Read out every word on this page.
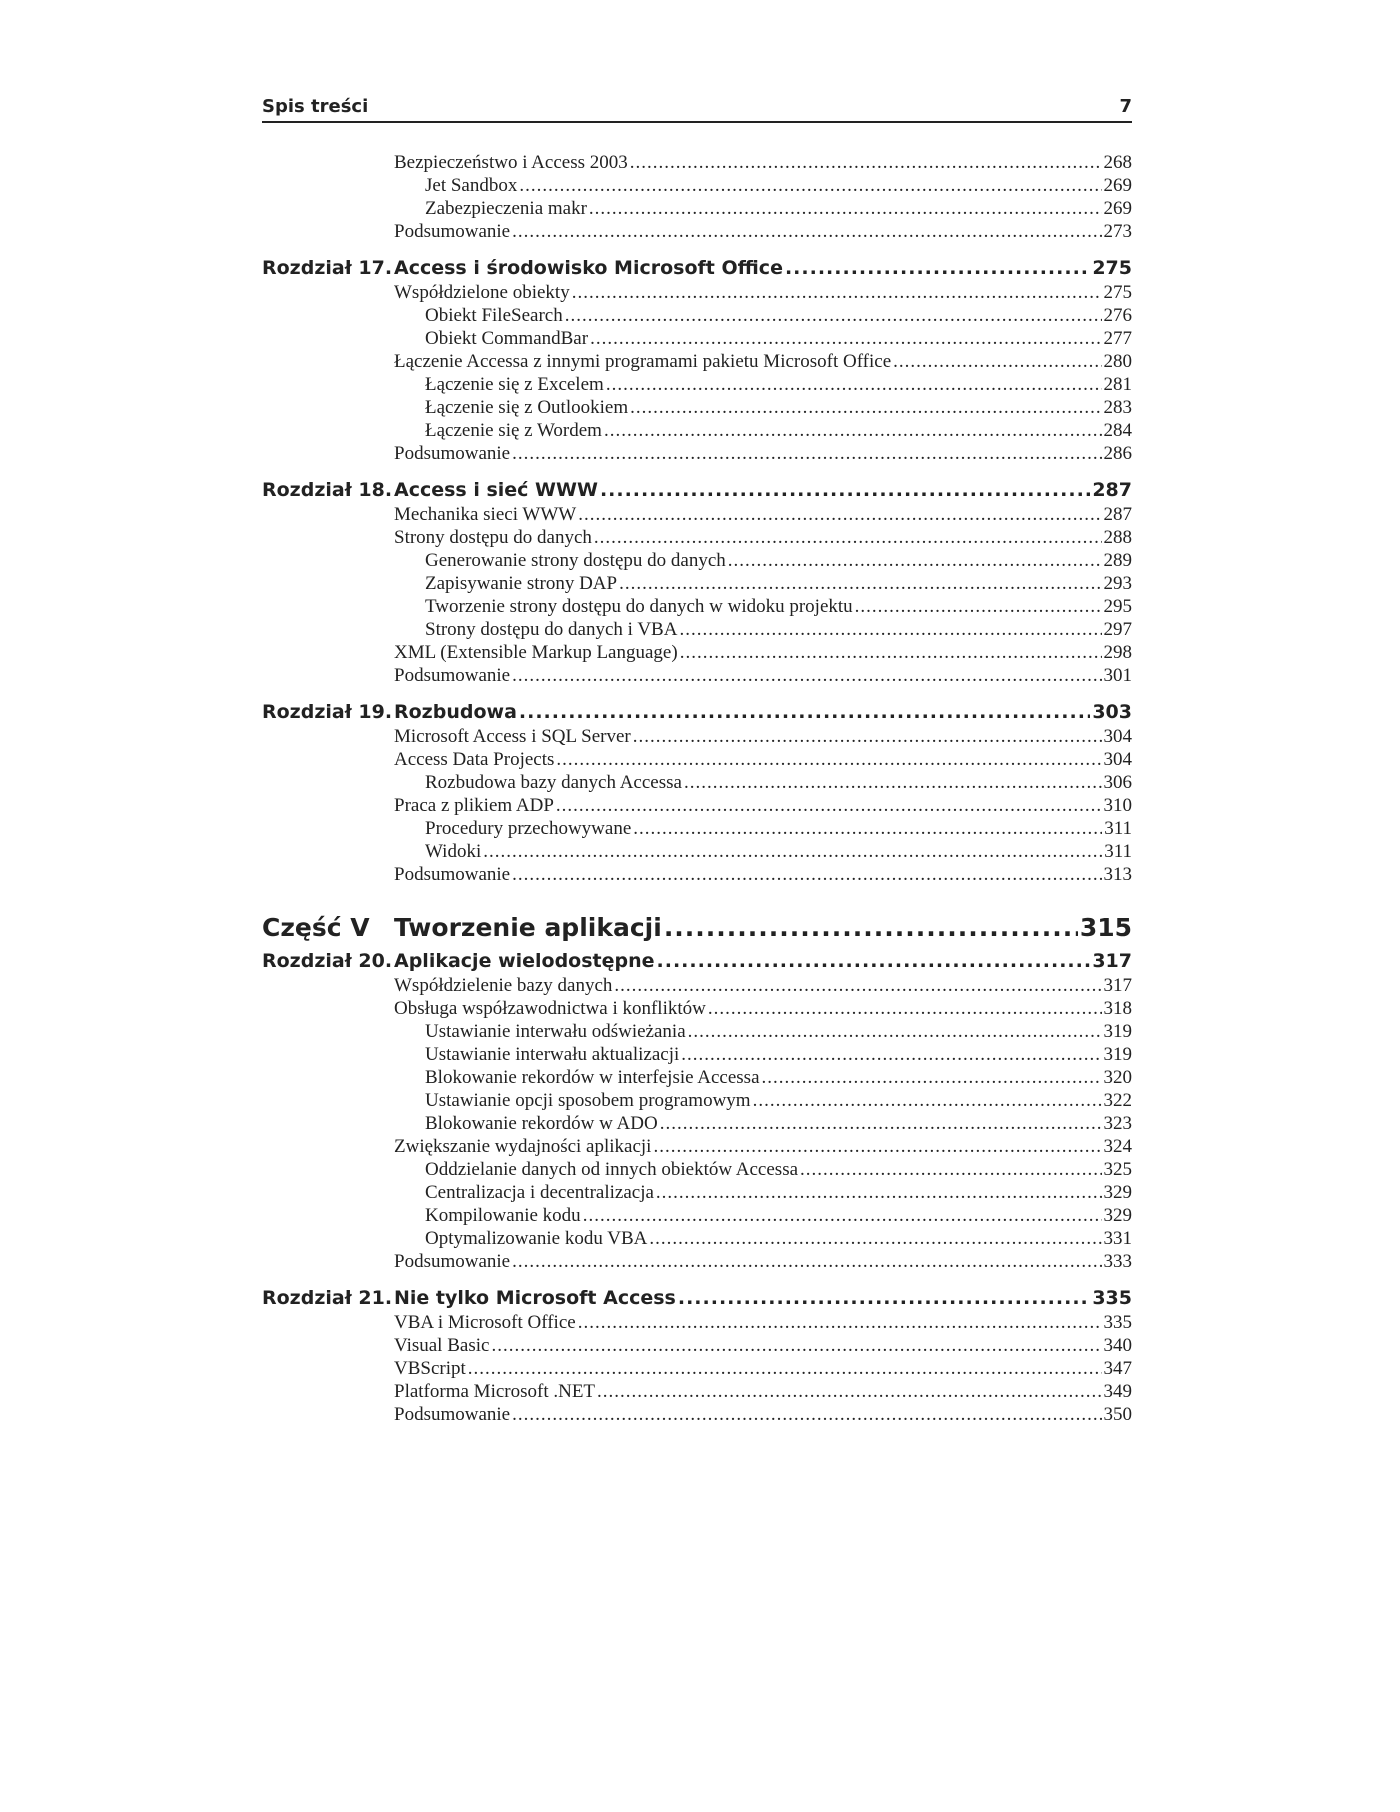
Spis treści	7
Bezpieczeństwo i Access 2003 .....	268
Jet Sandbox .....	269
Zabezpieczenia makr .....	269
Podsumowanie .....	273
Rozdział 17. Access i środowisko Microsoft Office .....	275
Współdzielone obiekty .....	275
Obiekt FileSearch .....	276
Obiekt CommandBar .....	277
Łączenie Accessa z innymi programami pakietu Microsoft Office .....	280
Łączenie się z Excelem .....	281
Łączenie się z Outlookiem .....	283
Łączenie się z Wordem .....	284
Podsumowanie .....	286
Rozdział 18. Access i sieć WWW .....	287
Mechanika sieci WWW .....	287
Strony dostępu do danych .....	288
Generowanie strony dostępu do danych .....	289
Zapisywanie strony DAP .....	293
Tworzenie strony dostępu do danych w widoku projektu .....	295
Strony dostępu do danych i VBA .....	297
XML (Extensible Markup Language) .....	298
Podsumowanie .....	301
Rozdział 19. Rozbudowa .....	303
Microsoft Access i SQL Server .....	304
Access Data Projects .....	304
Rozbudowa bazy danych Accessa .....	306
Praca z plikiem ADP .....	310
Procedury przechowywane .....	311
Widoki .....	311
Podsumowanie .....	313
Część V Tworzenie aplikacji .....	315
Rozdział 20. Aplikacje wielodostępne .....	317
Współdzielenie bazy danych .....	317
Obsługa współzawodnictwa i konfliktów .....	318
Ustawianie interwału odświeżania .....	319
Ustawianie interwału aktualizacji .....	319
Blokowanie rekordów w interfejsie Accessa .....	320
Ustawianie opcji sposobem programowym .....	322
Blokowanie rekordów w ADO .....	323
Zwiększanie wydajności aplikacji .....	324
Oddzielanie danych od innych obiektów Accessa .....	325
Centralizacja i decentralizacja .....	329
Kompilowanie kodu .....	329
Optymalizowanie kodu VBA .....	331
Podsumowanie .....	333
Rozdział 21. Nie tylko Microsoft Access .....	335
VBA i Microsoft Office .....	335
Visual Basic .....	340
VBScript .....	347
Platforma Microsoft .NET .....	349
Podsumowanie .....	350
